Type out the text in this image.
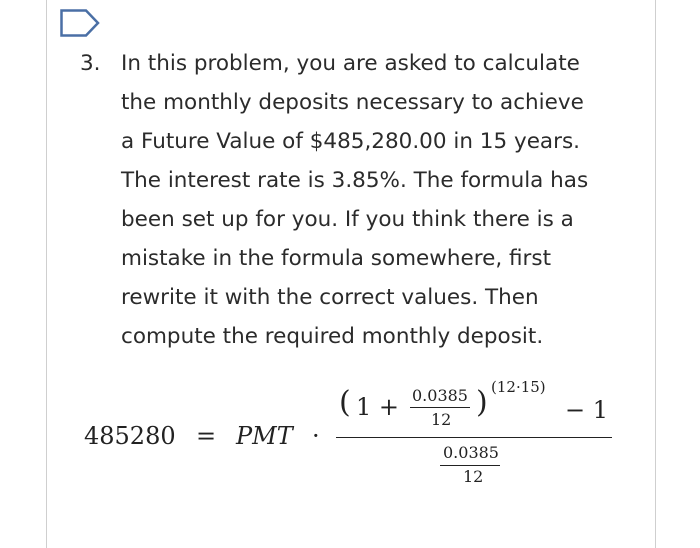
3. In this problem, you are asked to calculate
the monthly deposits necessary to achieve
a Future Value of $485,280.00 in 15 years.
The interest rate is 3.85%. The formula has
been set up for you. If you think there is a
mistake in the formula somewhere, first
rewrite it with the correct values. Then
compute the required monthly deposit.
485280 = PMT ·
( 1 + 0.0385
12 ) (12·15)
− 1
0.0385
12
